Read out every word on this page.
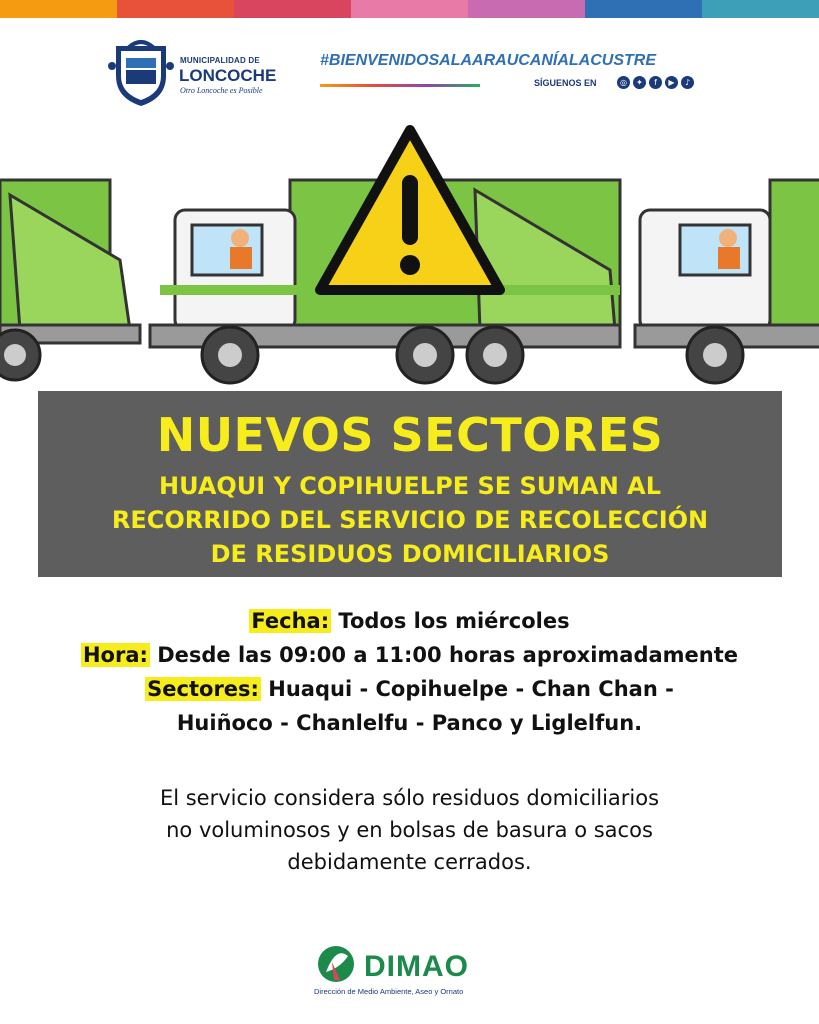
MUNICIPALIDAD DE
LONCOCHE
Otro Loncoche es Posible
#BIENVENIDOSALAARAUCANÍALACUSTRE
SÍGUENOS EN	◎	✦	f	▶	♪
NUEVOS SECTORES
HUAQUI Y COPIHUELPE SE SUMAN AL
RECORRIDO DEL SERVICIO DE RECOLECCIÓN
DE RESIDUOS DOMICILIARIOS
Fecha: Todos los miércoles
Hora: Desde las 09:00 a 11:00 horas aproximadamente
Sectores: Huaqui - Copihuelpe - Chan Chan -
Huiñoco - Chanlelfu - Panco y Liglelfun.
El servicio considera sólo residuos domiciliarios
no voluminosos y en bolsas de basura o sacos
debidamente cerrados.
DIMAO
Dirección de Medio Ambiente, Aseo y Ornato
